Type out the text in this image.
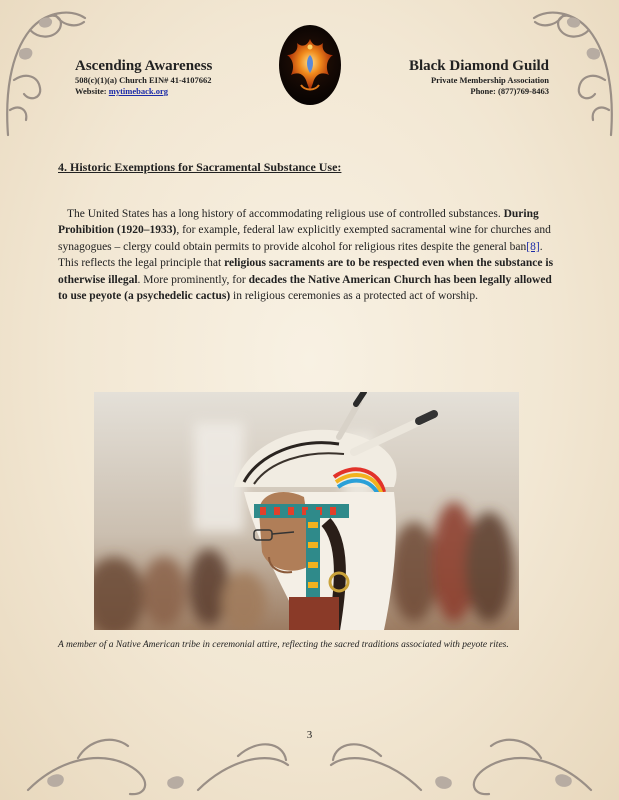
Ascending Awareness
508(c)(1)(a) Church EIN# 41-4107662
Website: mytimeback.org
Black Diamond Guild
Private Membership Association
Phone: (877)769-8463
4. Historic Exemptions for Sacramental Substance Use:
The United States has a long history of accommodating religious use of controlled substances. During Prohibition (1920–1933), for example, federal law explicitly exempted sacramental wine for churches and synagogues – clergy could obtain permits to provide alcohol for religious rites despite the general ban[8]. This reflects the legal principle that religious sacraments are to be respected even when the substance is otherwise illegal. More prominently, for decades the Native American Church has been legally allowed to use peyote (a psychedelic cactus) in religious ceremonies as a protected act of worship.
A member of a Native American tribe in ceremonial attire, reflecting the sacred traditions associated with peyote rites.
3
